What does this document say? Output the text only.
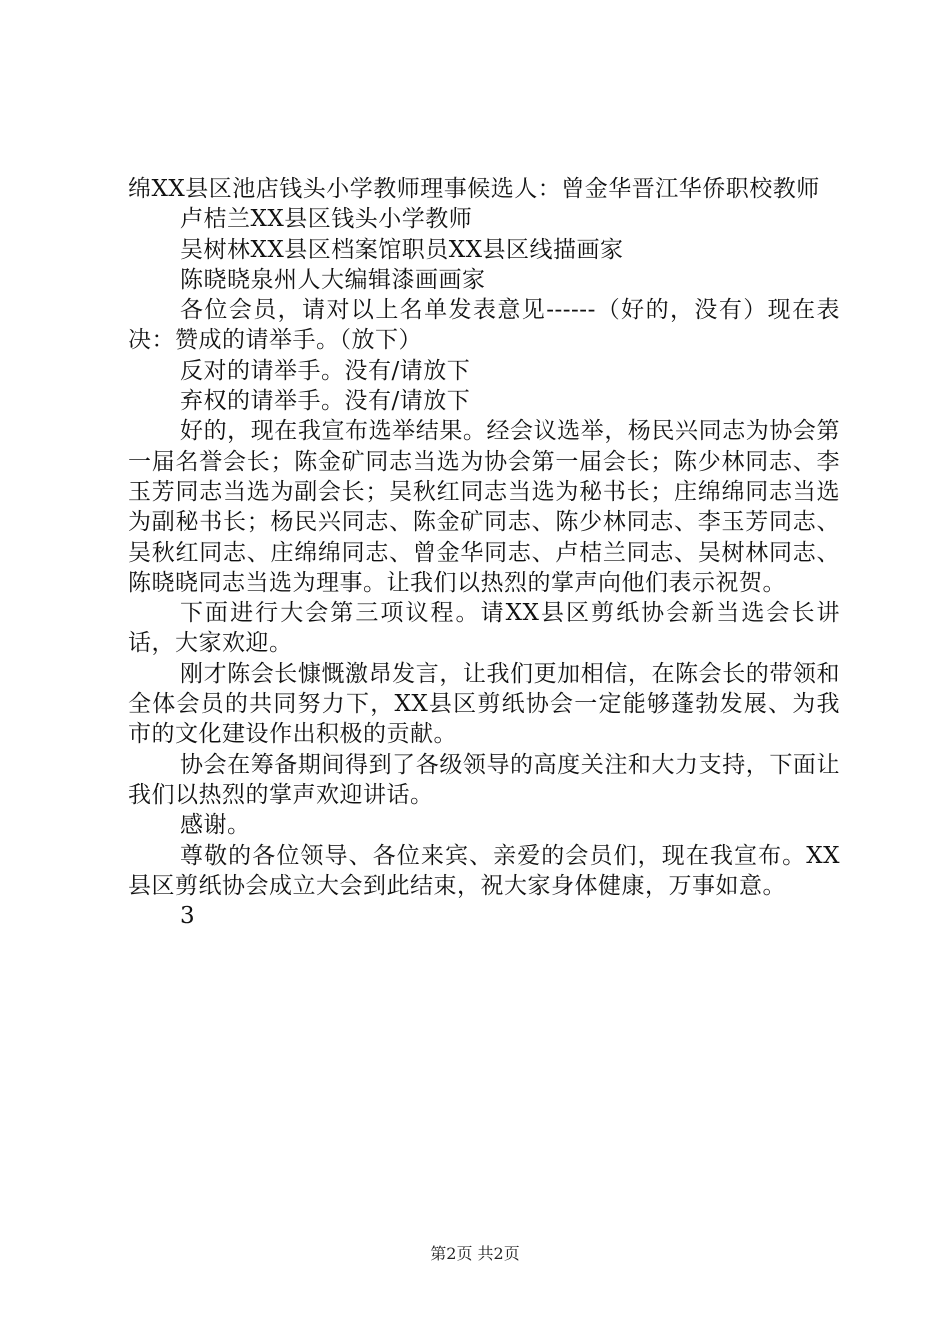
绵XX县区池店钱头小学教师理事候选人：曾金华晋江华侨职校教师

卢桔兰XX县区钱头小学教师

吴树林XX县区档案馆职员XX县区线描画家

陈晓晓泉州人大编辑漆画画家

各位会员，请对以上名单发表意见------（好的，没有）现在表决：赞成的请举手。（放下）

反对的请举手。没有/请放下

弃权的请举手。没有/请放下

好的，现在我宣布选举结果。经会议选举，杨民兴同志为协会第一届名誉会长；陈金矿同志当选为协会第一届会长；陈少林同志、李玉芳同志当选为副会长；吴秋红同志当选为秘书长；庄绵绵同志当选为副秘书长；杨民兴同志、陈金矿同志、陈少林同志、李玉芳同志、吴秋红同志、庄绵绵同志、曾金华同志、卢桔兰同志、吴树林同志、陈晓晓同志当选为理事。让我们以热烈的掌声向他们表示祝贺。

下面进行大会第三项议程。请XX县区剪纸协会新当选会长讲话，大家欢迎。

刚才陈会长慷慨激昂发言，让我们更加相信，在陈会长的带领和全体会员的共同努力下，XX县区剪纸协会一定能够蓬勃发展、为我市的文化建设作出积极的贡献。

协会在筹备期间得到了各级领导的高度关注和大力支持，下面让我们以热烈的掌声欢迎讲话。

感谢。

尊敬的各位领导、各位来宾、亲爱的会员们，现在我宣布。XX县区剪纸协会成立大会到此结束，祝大家身体健康，万事如意。

3

第2页 共2页
